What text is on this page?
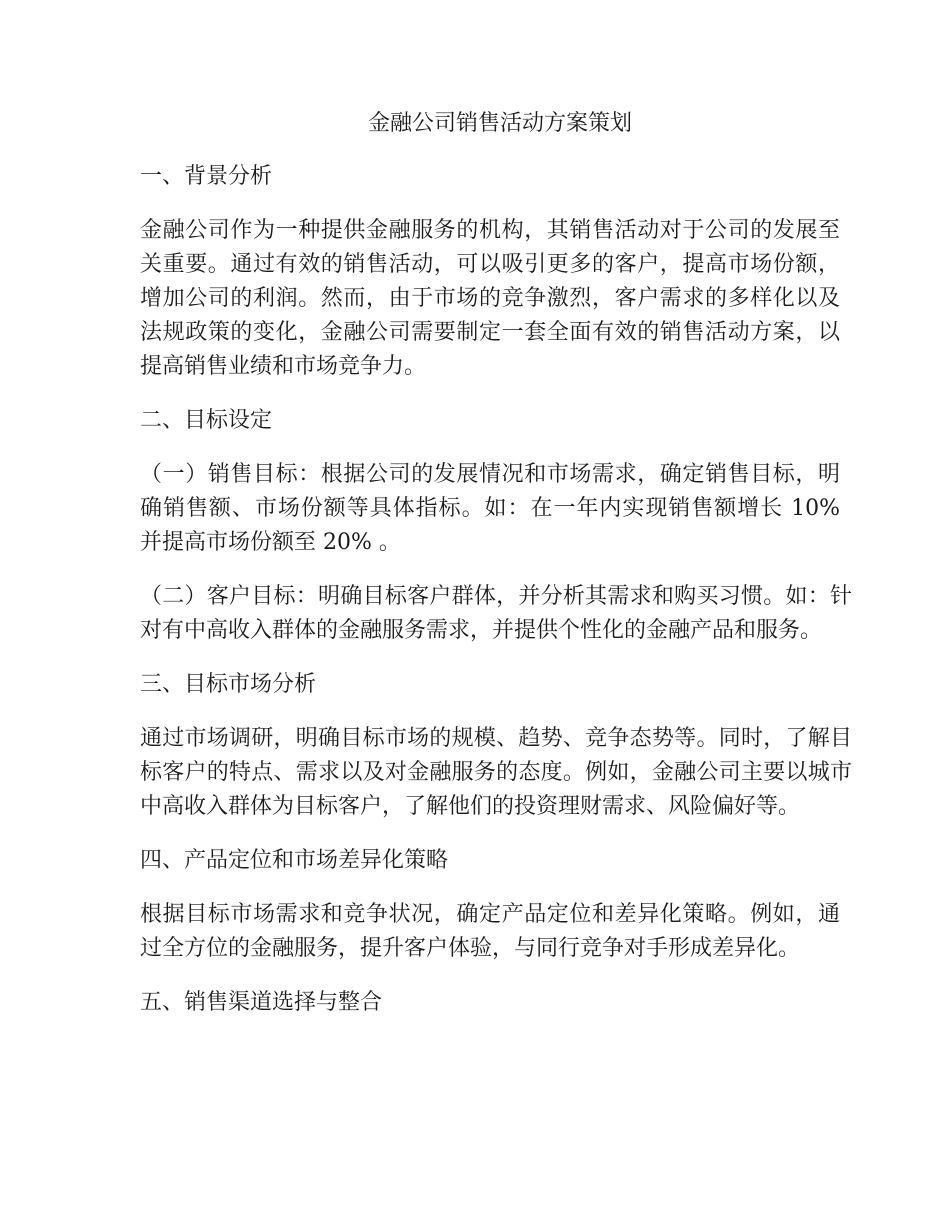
金融公司销售活动方案策划
一、背景分析

金融公司作为一种提供金融服务的机构，其销售活动对于公司的发展至关重要。通过有效的销售活动，可以吸引更多的客户，提高市场份额，增加公司的利润。然而，由于市场的竞争激烈，客户需求的多样化以及法规政策的变化，金融公司需要制定一套全面有效的销售活动方案，以提高销售业绩和市场竞争力。

二、目标设定

（一）销售目标：根据公司的发展情况和市场需求，确定销售目标，明确销售额、市场份额等具体指标。如：在一年内实现销售额增长 10% 并提高市场份额至 20% 。

（二）客户目标：明确目标客户群体，并分析其需求和购买习惯。如：针对有中高收入群体的金融服务需求，并提供个性化的金融产品和服务。

三、目标市场分析

通过市场调研，明确目标市场的规模、趋势、竞争态势等。同时，了解目标客户的特点、需求以及对金融服务的态度。例如，金融公司主要以城市中高收入群体为目标客户，了解他们的投资理财需求、风险偏好等。

四、产品定位和市场差异化策略

根据目标市场需求和竞争状况，确定产品定位和差异化策略。例如，通过全方位的金融服务，提升客户体验，与同行竞争对手形成差异化。

五、销售渠道选择与整合
